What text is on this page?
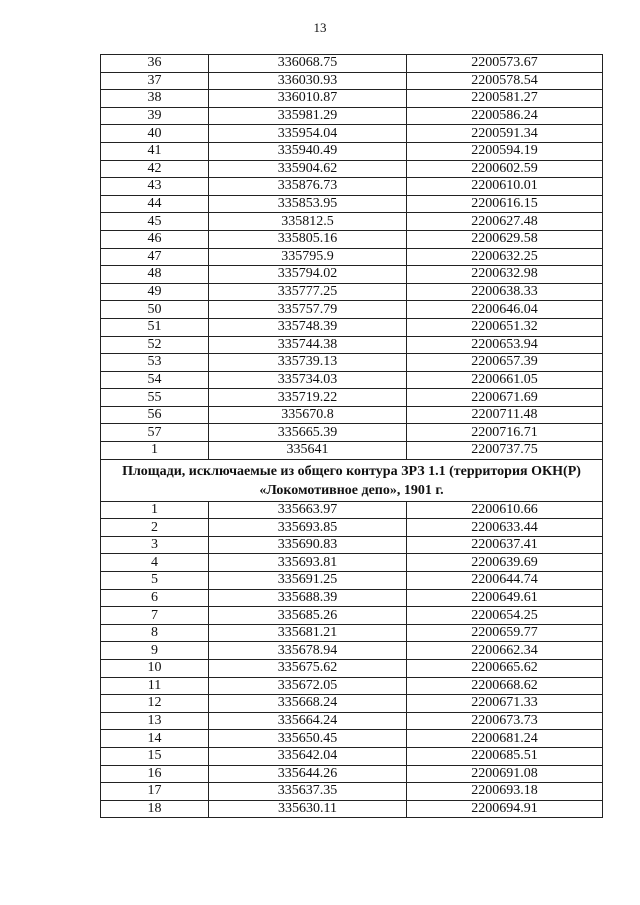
13
36	336068.75	2200573.67
37	336030.93	2200578.54
38	336010.87	2200581.27
39	335981.29	2200586.24
40	335954.04	2200591.34
41	335940.49	2200594.19
42	335904.62	2200602.59
43	335876.73	2200610.01
44	335853.95	2200616.15
45	335812.5	2200627.48
46	335805.16	2200629.58
47	335795.9	2200632.25
48	335794.02	2200632.98
49	335777.25	2200638.33
50	335757.79	2200646.04
51	335748.39	2200651.32
52	335744.38	2200653.94
53	335739.13	2200657.39
54	335734.03	2200661.05
55	335719.22	2200671.69
56	335670.8	2200711.48
57	335665.39	2200716.71
1	335641	2200737.75
Площади, исключаемые из общего контура ЗРЗ 1.1 (территория ОКН(Р) «Локомотивное депо», 1901 г.		
1	335663.97	2200610.66
2	335693.85	2200633.44
3	335690.83	2200637.41
4	335693.81	2200639.69
5	335691.25	2200644.74
6	335688.39	2200649.61
7	335685.26	2200654.25
8	335681.21	2200659.77
9	335678.94	2200662.34
10	335675.62	2200665.62
11	335672.05	2200668.62
12	335668.24	2200671.33
13	335664.24	2200673.73
14	335650.45	2200681.24
15	335642.04	2200685.51
16	335644.26	2200691.08
17	335637.35	2200693.18
18	335630.11	2200694.91
